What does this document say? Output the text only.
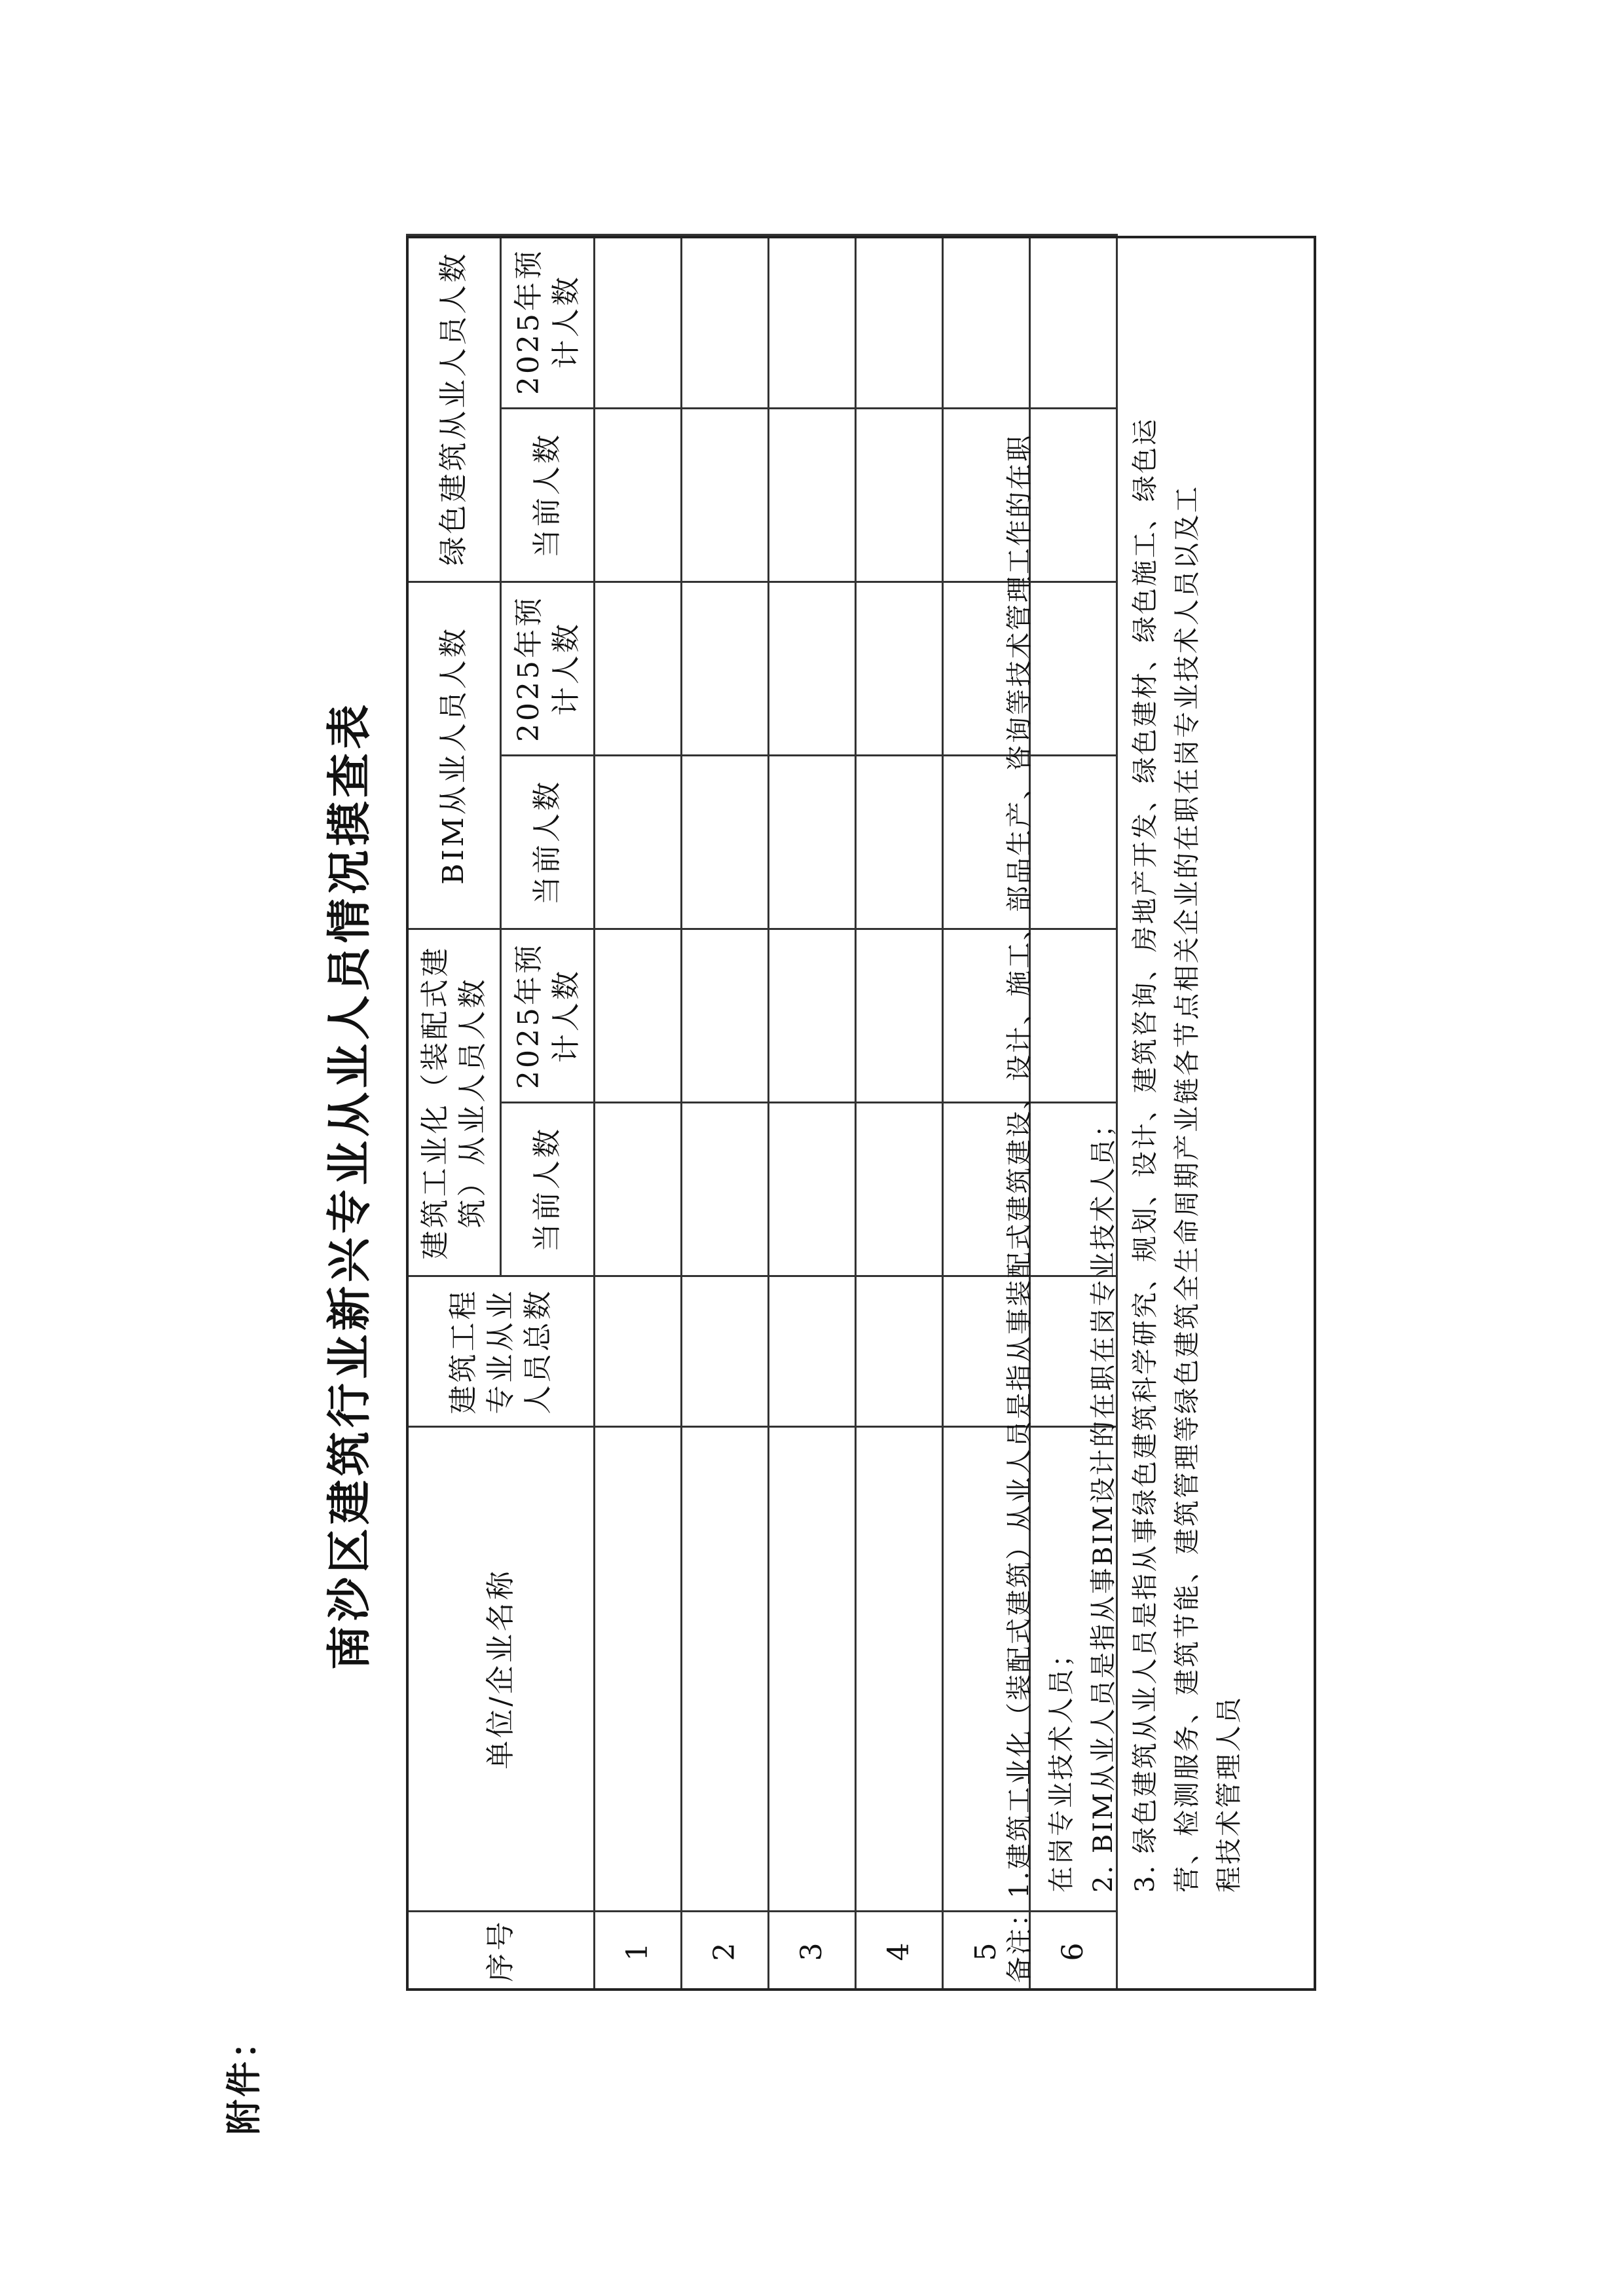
附件：
南沙区建筑行业新兴专业从业人员情况摸查表
序号	单位/企业名称	建筑工程专业从业人员总数	建筑工业化（装配式建筑）从业人员人数		BIM从业人员人数		绿色建筑从业人员人数	
			当前人数	2025年预计人数	当前人数	2025年预计人数	当前人数	2025年预计人数
1								
2								
3								
4								
5								
6								
备注：1.建筑工业化（装配式建筑）从业人员是指从事装配式建筑建设、设计、施工、部品生产、咨询等技术管理工作的在职 在岗专业技术人员； 2. BIM从业人员是指从事BIM设计的在职在岗专业技术人员； 3. 绿色建筑从业人员是指从事绿色建筑科学研究、规划、设计、建筑咨询、房地产开发、绿色建材、绿色施工、绿色运 营、检测服务、建筑节能、建筑管理等绿色建筑全生命周期产业链各节点相关企业的在职在岗专业技术人员以及工 程技术管理人员
